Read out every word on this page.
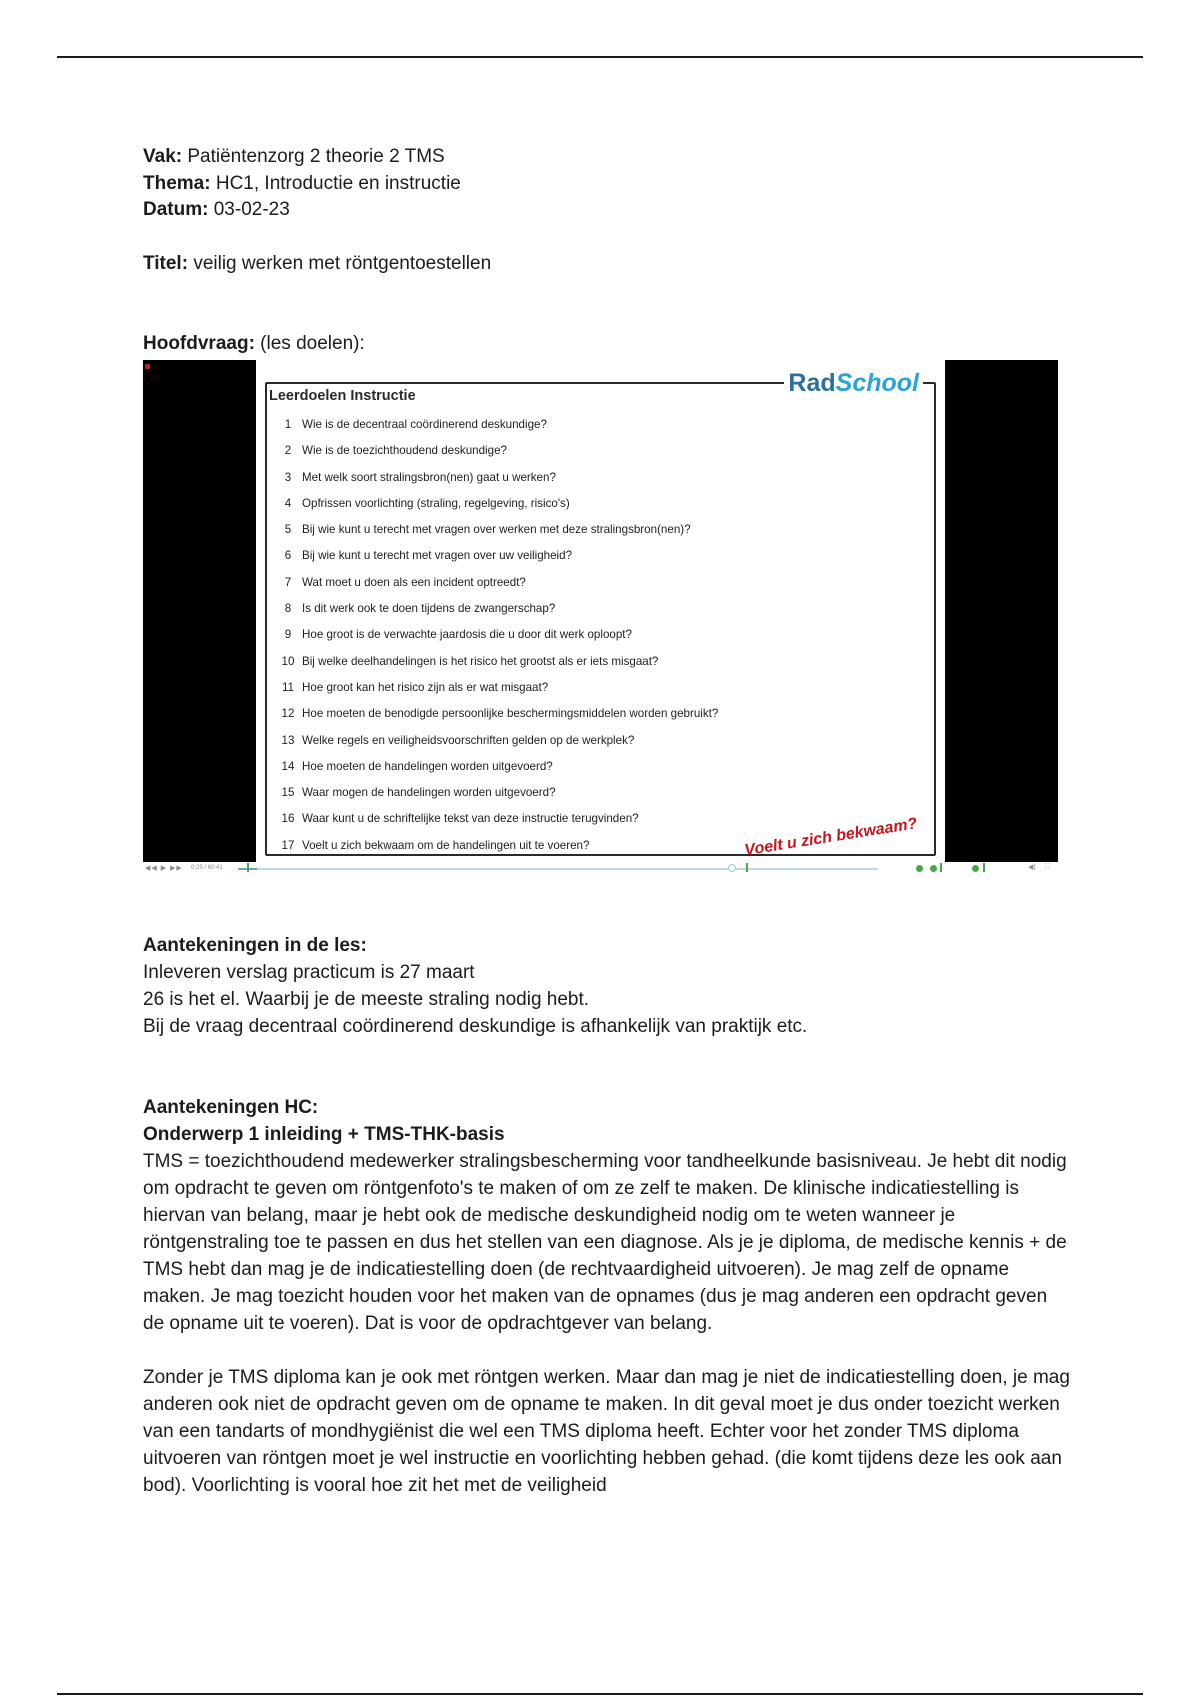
Vak: Patiëntenzorg 2 theorie 2 TMS

Thema: HC1, Introductie en instructie

Datum: 03-02-23

Titel: veilig werken met röntgentoestellen

Hoofdvraag: (les doelen):

RadSchool
Leerdoelen Instructie
1 Wie is de decentraal coördinerend deskundige?
2 Wie is de toezichthoudend deskundige?
3 Met welk soort stralingsbron(nen) gaat u werken?
4 Opfrissen voorlichting (straling, regelgeving, risico's)
5 Bij wie kunt u terecht met vragen over werken met deze stralingsbron(nen)?
6 Bij wie kunt u terecht met vragen over uw veiligheid?
7 Wat moet u doen als een incident optreedt?
8 Is dit werk ook te doen tijdens de zwangerschap?
9 Hoe groot is de verwachte jaardosis die u door dit werk oploopt?
10 Bij welke deelhandelingen is het risico het grootst als er iets misgaat?
11 Hoe groot kan het risico zijn als er wat misgaat?
12 Hoe moeten de benodigde persoonlijke beschermingsmiddelen worden gebruikt?
13 Welke regels en veiligheidsvoorschriften gelden op de werkplek?
14 Hoe moeten de handelingen worden uitgevoerd?
15 Waar mogen de handelingen worden uitgevoerd?
16 Waar kunt u de schriftelijke tekst van deze instructie terugvinden?
17 Voelt u zich bekwaam om de handelingen uit te voeren?	Voelt u zich bekwaam?
◀◀ ▶ ▶▶ 0:25 / 60:41	◀) ⛶

Aantekeningen in de les:

Inleveren verslag practicum is 27 maart

26 is het el. Waarbij je de meeste straling nodig hebt.

Bij de vraag decentraal coördinerend deskundige is afhankelijk van praktijk etc.

Aantekeningen HC:

Onderwerp 1 inleiding + TMS-THK-basis

TMS = toezichthoudend medewerker stralingsbescherming voor tandheelkunde basisniveau. Je hebt dit nodig om opdracht te geven om röntgenfoto's te maken of om ze zelf te maken. De klinische indicatiestelling is hiervan van belang, maar je hebt ook de medische deskundigheid nodig om te weten wanneer je röntgenstraling toe te passen en dus het stellen van een diagnose. Als je je diploma, de medische kennis + de TMS hebt dan mag je de indicatiestelling doen (de rechtvaardigheid uitvoeren). Je mag zelf de opname maken. Je mag toezicht houden voor het maken van de opnames (dus je mag anderen een opdracht geven de opname uit te voeren). Dat is voor de opdrachtgever van belang.

Zonder je TMS diploma kan je ook met röntgen werken. Maar dan mag je niet de indicatiestelling doen, je mag anderen ook niet de opdracht geven om de opname te maken. In dit geval moet je dus onder toezicht werken van een tandarts of mondhygiënist die wel een TMS diploma heeft. Echter voor het zonder TMS diploma uitvoeren van röntgen moet je wel instructie en voorlichting hebben gehad. (die komt tijdens deze les ook aan bod). Voorlichting is vooral hoe zit het met de veiligheid
